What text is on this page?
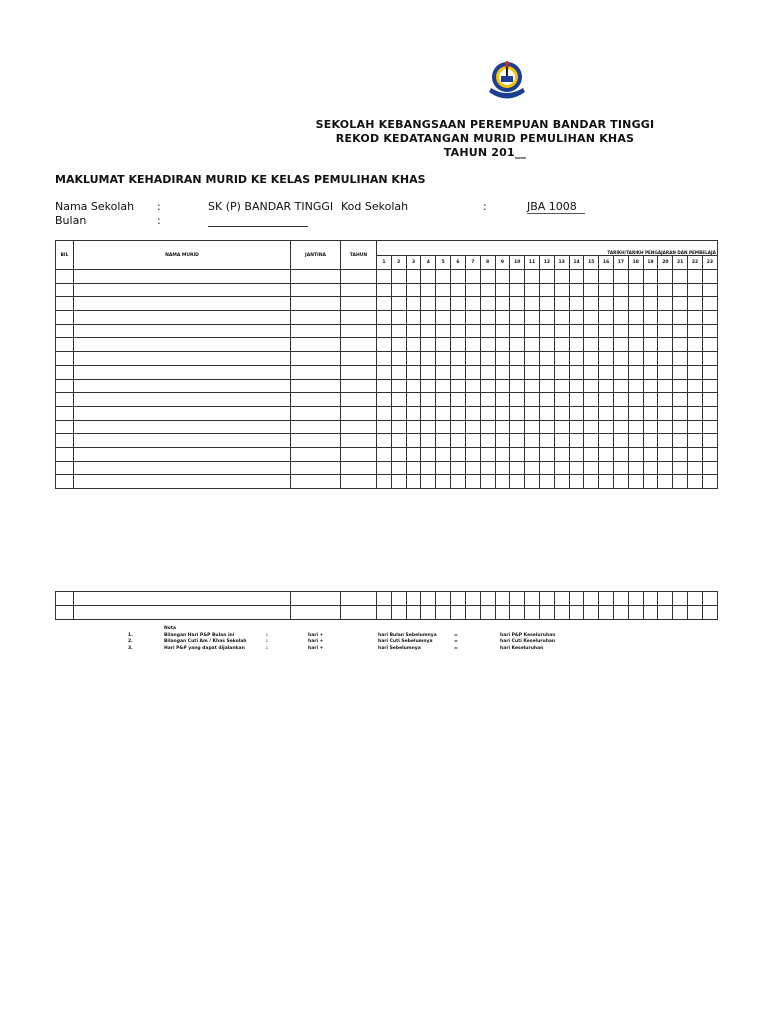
SEKOLAH KEBANGSAAN PEREMPUAN BANDAR TINGGI
REKOD KEDATANGAN MURID PEMULIHAN KHAS
TAHUN 201__
MAKLUMAT KEHADIRAN MURID KE KELAS PEMULIHAN KHAS
Nama Sekolah :	SK (P) BANDAR TINGGI Kod Sekolah	:	JBA 1008
Bulan	:
BIL	NAMA MURID	JANTINA	TAHUN	TARIKH/TARIKH PENGAJARAN DAN PEMBELAJA																						
				1	2	3	4	5	6	7	8	9	10	11	12	13	14	15	16	17	18	19	20	21	22	23

Nota
1.	Bilangan Hari P&P Bulan ini	:	hari +	hari Bulan Sebelumnya	=	hari P&P Keseluruhan
2.	Bilangan Cuti Am / Khas Sekolah	:	hari +	hari Cuti Sebelumnya	=	hari Cuti Keseluruhan
3.	Hari P&P yang dapat dijalankan	:	hari +	hari Sebelumnya	=	hari Keseluruhan
